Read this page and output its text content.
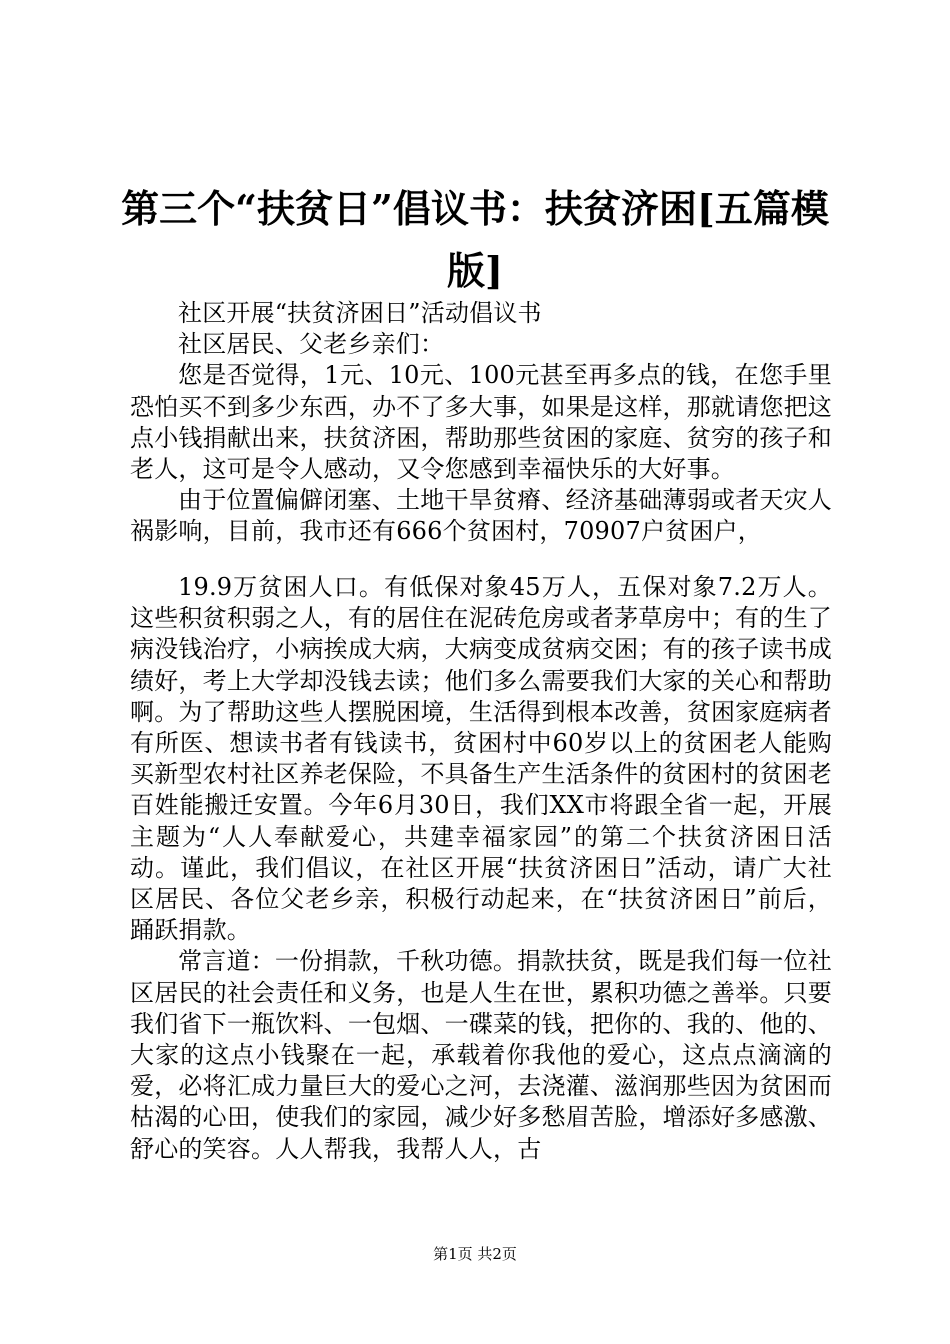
第三个“扶贫日”倡议书：扶贫济困[五篇模版]

社区开展“扶贫济困日”活动倡议书

社区居民、父老乡亲们：

您是否觉得，1元、10元、100元甚至再多点的钱，在您手里恐怕买不到多少东西，办不了多大事，如果是这样，那就请您把这点小钱捐献出来，扶贫济困，帮助那些贫困的家庭、贫穷的孩子和老人，这可是令人感动，又令您感到幸福快乐的大好事。

由于位置偏僻闭塞、土地干旱贫瘠、经济基础薄弱或者天灾人祸影响，目前，我市还有666个贫困村，70907户贫困户，

19.9万贫困人口。有低保对象45万人，五保对象7.2万人。这些积贫积弱之人，有的居住在泥砖危房或者茅草房中；有的生了病没钱治疗，小病挨成大病，大病变成贫病交困；有的孩子读书成绩好，考上大学却没钱去读；他们多么需要我们大家的关心和帮助啊。为了帮助这些人摆脱困境，生活得到根本改善，贫困家庭病者有所医、想读书者有钱读书，贫困村中60岁以上的贫困老人能购买新型农村社区养老保险，不具备生产生活条件的贫困村的贫困老百姓能搬迁安置。今年6月30日，我们XX市将跟全省一起，开展主题为“人人奉献爱心，共建幸福家园”的第二个扶贫济困日活动。谨此，我们倡议，在社区开展“扶贫济困日”活动，请广大社区居民、各位父老乡亲，积极行动起来，在“扶贫济困日”前后，踊跃捐款。

常言道：一份捐款，千秋功德。捐款扶贫，既是我们每一位社区居民的社会责任和义务，也是人生在世，累积功德之善举。只要我们省下一瓶饮料、一包烟、一碟菜的钱，把你的、我的、他的、大家的这点小钱聚在一起，承载着你我他的爱心，这点点滴滴的爱，必将汇成力量巨大的爱心之河，去浇灌、滋润那些因为贫困而枯渴的心田，使我们的家园，减少好多愁眉苦脸，增添好多感激、舒心的笑容。人人帮我，我帮人人，古

第1页 共2页
